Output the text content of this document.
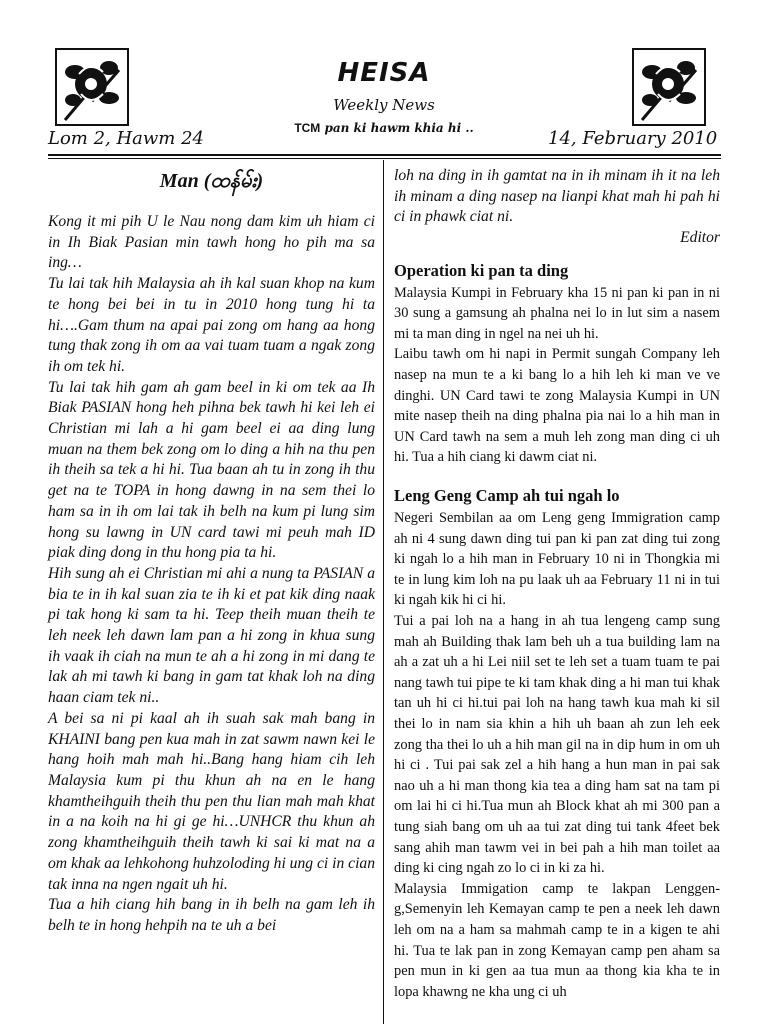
HEISA
Weekly News
TCM pan ki hawm khia hi ..
Lom 2, Hawm 24	14, February 2010
Man (ထန်မ်း)

Kong it mi pih U le Nau nong dam kim uh hiam ci in Ih Biak Pasian min tawh hong ho pih ma sa ing…

Tu lai tak hih Malaysia ah ih kal suan khop na kum te hong bei bei in tu in 2010 hong tung hi ta hi….Gam thum na apai pai zong om hang aa hong tung thak zong ih om aa vai tuam tuam a ngak zong ih om tek hi.

Tu lai tak hih gam ah gam beel in ki om tek aa Ih Biak PASIAN hong heh pihna bek tawh hi kei leh ei Christian mi lah a hi gam beel ei aa ding lung muan na them bek zong om lo ding a hih na thu pen ih theih sa tek a hi hi. Tua baan ah tu in zong ih thu get na te TOPA in hong dawng in na sem thei lo ham sa in ih om lai tak ih belh na kum pi lung sim hong su lawng in UN card tawi mi peuh mah ID piak ding dong in thu hong pia ta hi.

Hih sung ah ei Christian mi ahi a nung ta PASIAN a bia te in ih kal suan zia te ih ki et pat kik ding naak pi tak hong ki sam ta hi. Teep theih muan theih te leh neek leh dawn lam pan a hi zong in khua sung ih vaak ih ciah na mun te ah a hi zong in mi dang te lak ah mi tawh ki bang in gam tat khak loh na ding haan ciam tek ni..

A bei sa ni pi kaal ah ih suah sak mah bang in KHAINI bang pen kua mah in zat sawm nawn kei le hang hoih mah mah hi..Bang hang hiam cih leh Malaysia kum pi thu khun ah na en le hang khamtheihguih theih thu pen thu lian mah mah khat in a na koih na hi gi ge hi…UNHCR thu khun ah zong khamtheihguih theih tawh ki sai ki mat na a om khak aa lehkohong huhzoloding hi ung ci in cian tak inna na ngen ngait uh hi.

Tua a hih ciang hih bang in ih belh na gam leh ih belh te in hong hehpih na te uh a bei

loh na ding in ih gamtat na in ih minam ih it na leh ih minam a ding nasep na lianpi khat mah hi pah hi ci in phawk ciat ni.

Editor

Operation ki pan ta ding

Malaysia Kumpi in February kha 15 ni pan ki pan in ni 30 sung a gamsung ah phalna nei lo in lut sim a nasem mi ta man ding in ngel na nei uh hi.

Laibu tawh om hi napi in Permit sungah Company leh nasep na mun te a ki bang lo a hih leh ki man ve ve dinghi. UN Card tawi te zong Malaysia Kumpi in UN mite nasep theih na ding phalna pia nai lo a hih man in UN Card tawh na sem a muh leh zong man ding ci uh hi. Tua a hih ciang ki dawm ciat ni.

Leng Geng Camp ah tui ngah lo

Negeri Sembilan aa om Leng geng Immigration camp ah ni 4 sung dawn ding tui pan ki pan zat ding tui zong ki ngah lo a hih man in February 10 ni in Thongkia mi te in lung kim loh na pu laak uh aa February 11 ni in tui ki ngah kik hi ci hi.

Tui a pai loh na a hang in ah tua lengeng camp sung mah ah Building thak lam beh uh a tua building lam na ah a zat uh a hi Lei niil set te leh set a tuam tuam te pai nang tawh tui pipe te ki tam khak ding a hi man tui khak tan uh hi ci hi.tui pai loh na hang tawh kua mah ki sil thei lo in nam sia khin a hih uh baan ah zun leh eek zong tha thei lo uh a hih man gil na in dip hum in om uh hi ci . Tui pai sak zel a hih hang a hun man in pai sak nao uh a hi man thong kia tea a ding ham sat na tam pi om lai hi ci hi.Tua mun ah Block khat ah mi 300 pan a tung siah bang om uh aa tui zat ding tui tank 4feet bek sang ahih man tawm vei in bei pah a hih man toilet aa ding ki cing ngah zo lo ci in ki za hi.

Malaysia Immigation camp te lakpan Lenggen-g,Semenyin leh Kemayan camp te pen a neek leh dawn leh om na a ham sa mahmah camp te in a kigen te ahi hi. Tua te lak pan in zong Kemayan camp pen aham sa pen mun in ki gen aa tua mun aa thong kia kha te in lopa khawng ne kha ung ci uh
